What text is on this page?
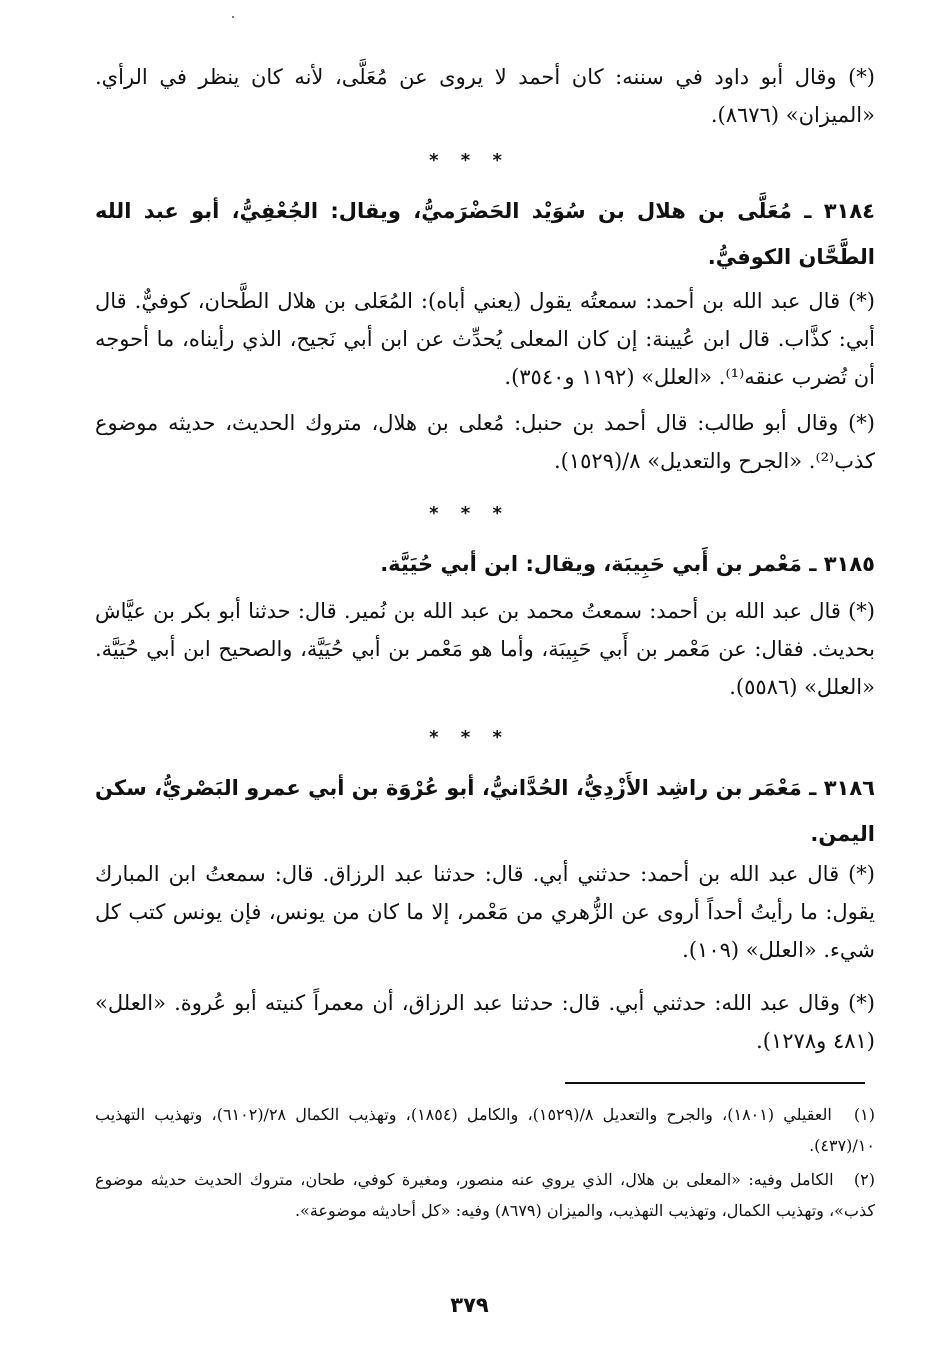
(*) وقال أبو داود في سننه: كان أحمد لا يروى عن مُعَلَّى، لأنه كان ينظر في الرأي. «الميزان» (٨٦٧٦).
* * *
٣١٨٤ ـ مُعَلَّى بن هلال بن سُوَيْد الحَضْرَميُّ، ويقال: الجُعْفِيُّ، أبو عبد الله الطَّحَّان الكوفيُّ.
(*) قال عبد الله بن أحمد: سمعتُه يقول (يعني أباه): المُعَلى بن هلال الطَّحان، كوفيٌّ. قال أبي: كذَّاب. قال ابن عُيينة: إن كان المعلى يُحدِّث عن ابن أبي نَجيح، الذي رأيناه، ما أحوجه أن تُضرب عنقه⁽¹⁾. «العلل» (١١٩٢ و٣٥٤٠).
(*) وقال أبو طالب: قال أحمد بن حنبل: مُعلى بن هلال، متروك الحديث، حديثه موضوع كذب⁽²⁾. «الجرح والتعديل» ٨/(١٥٢٩).
* * *
٣١٨٥ ـ مَعْمر بن أَبي حَبِيبَة، ويقال: ابن أبي حُيَيَّة.
(*) قال عبد الله بن أحمد: سمعتُ محمد بن عبد الله بن نُمير. قال: حدثنا أبو بكر بن عيَّاش بحديث. فقال: عن مَعْمر بن أَبي حَبِيبَة، وأما هو مَعْمر بن أبي حُيَيَّة، والصحيح ابن أبي حُيَيَّة. «العلل» (٥٥٨٦).
* * *
٣١٨٦ ـ مَعْمَر بن راشِد الأَزْدِيُّ، الحُدَّانيُّ، أبو عُرْوَة بن أبي عمرو البَصْريُّ، سكن اليمن.
(*) قال عبد الله بن أحمد: حدثني أبي. قال: حدثنا عبد الرزاق. قال: سمعتُ ابن المبارك يقول: ما رأيتُ أحداً أروى عن الزُّهري من مَعْمر، إلا ما كان من يونس، فإن يونس كتب كل شيء. «العلل» (١٠٩).
(*) وقال عبد الله: حدثني أبي. قال: حدثنا عبد الرزاق، أن معمراً كنيته أبو عُروة. «العلل» (٤٨١ و١٢٧٨).
(١) العقيلي (١٨٠١)، والجرح والتعديل ٨/(١٥٢٩)، والكامل (١٨٥٤)، وتهذيب الكمال ٢٨/(٦١٠٢)، وتهذيب التهذيب ١٠/(٤٣٧).
(٢) الكامل وفيه: «المعلى بن هلال، الذي يروي عنه منصور، ومغيرة كوفي، طحان، متروك الحديث حديثه موضوع كذب»، وتهذيب الكمال، وتهذيب التهذيب، والميزان (٨٦٧٩) وفيه: «كل أحاديثه موضوعة».
٣٧٩
